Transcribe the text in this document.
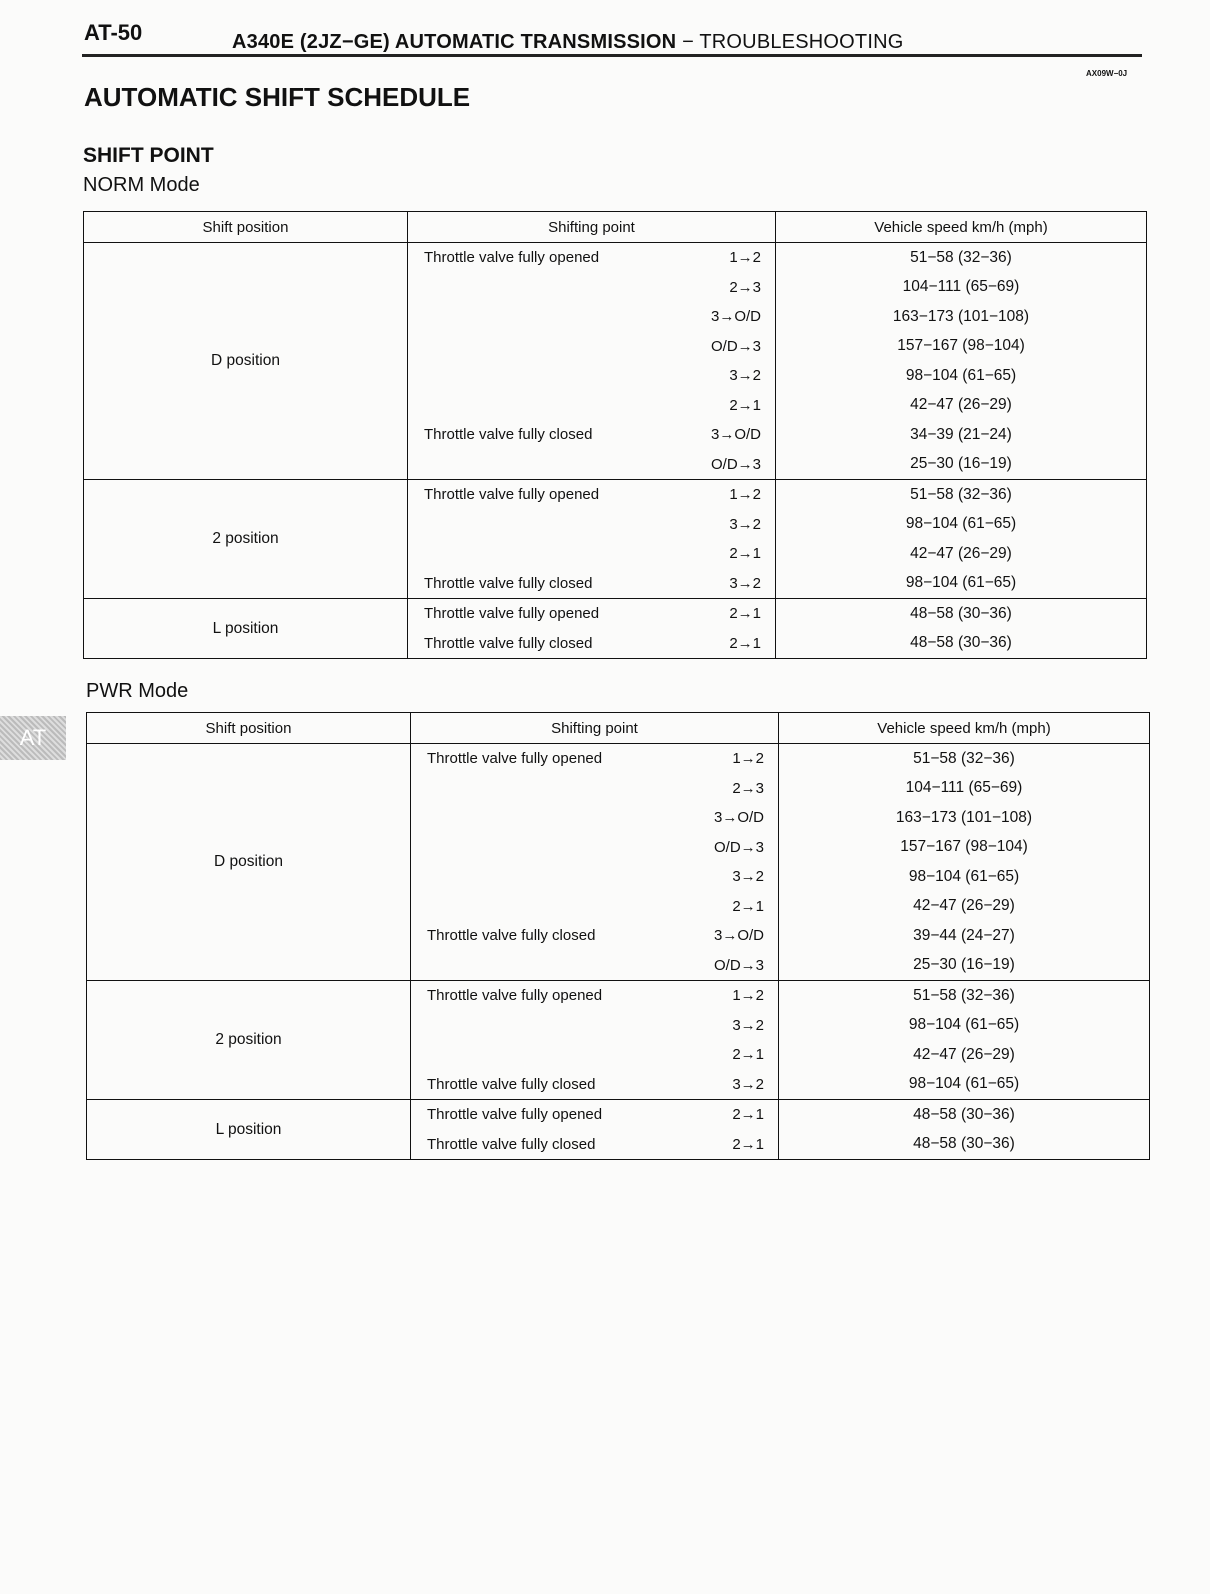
AT-50	A340E (2JZ−GE) AUTOMATIC TRANSMISSION − TROUBLESHOOTING
AX09W−0J
AUTOMATIC SHIFT SCHEDULE
SHIFT POINT
AT
NORM Mode
Shift position	Shifting point	Vehicle speed km/h (mph)
D position	Throttle valve fully opened 1→2	51−58 (32−36)

	2→3	104−111 (65−69)

	3→O/D	163−173 (101−108)

	O/D→3	157−167 (98−104)

	3→2	98−104 (61−65)

	2→1	42−47 (26−29)

	Throttle valve fully closed 3→O/D	34−39 (21−24)

	O/D→3	25−30 (16−19)
2 position	Throttle valve fully opened 1→2	51−58 (32−36)

	3→2	98−104 (61−65)

	2→1	42−47 (26−29)

	Throttle valve fully closed 3→2	98−104 (61−65)
L position	Throttle valve fully opened 2→1	48−58 (30−36)

	Throttle valve fully closed 2→1	48−58 (30−36)
PWR Mode
Shift position	Shifting point	Vehicle speed km/h (mph)
D position	Throttle valve fully opened 1→2	51−58 (32−36)

	2→3	104−111 (65−69)

	3→O/D	163−173 (101−108)

	O/D→3	157−167 (98−104)

	3→2	98−104 (61−65)

	2→1	42−47 (26−29)

	Throttle valve fully closed 3→O/D	39−44 (24−27)

	O/D→3	25−30 (16−19)
2 position	Throttle valve fully opened 1→2	51−58 (32−36)

	3→2	98−104 (61−65)

	2→1	42−47 (26−29)

	Throttle valve fully closed 3→2	98−104 (61−65)
L position	Throttle valve fully opened 2→1	48−58 (30−36)

	Throttle valve fully closed 2→1	48−58 (30−36)
